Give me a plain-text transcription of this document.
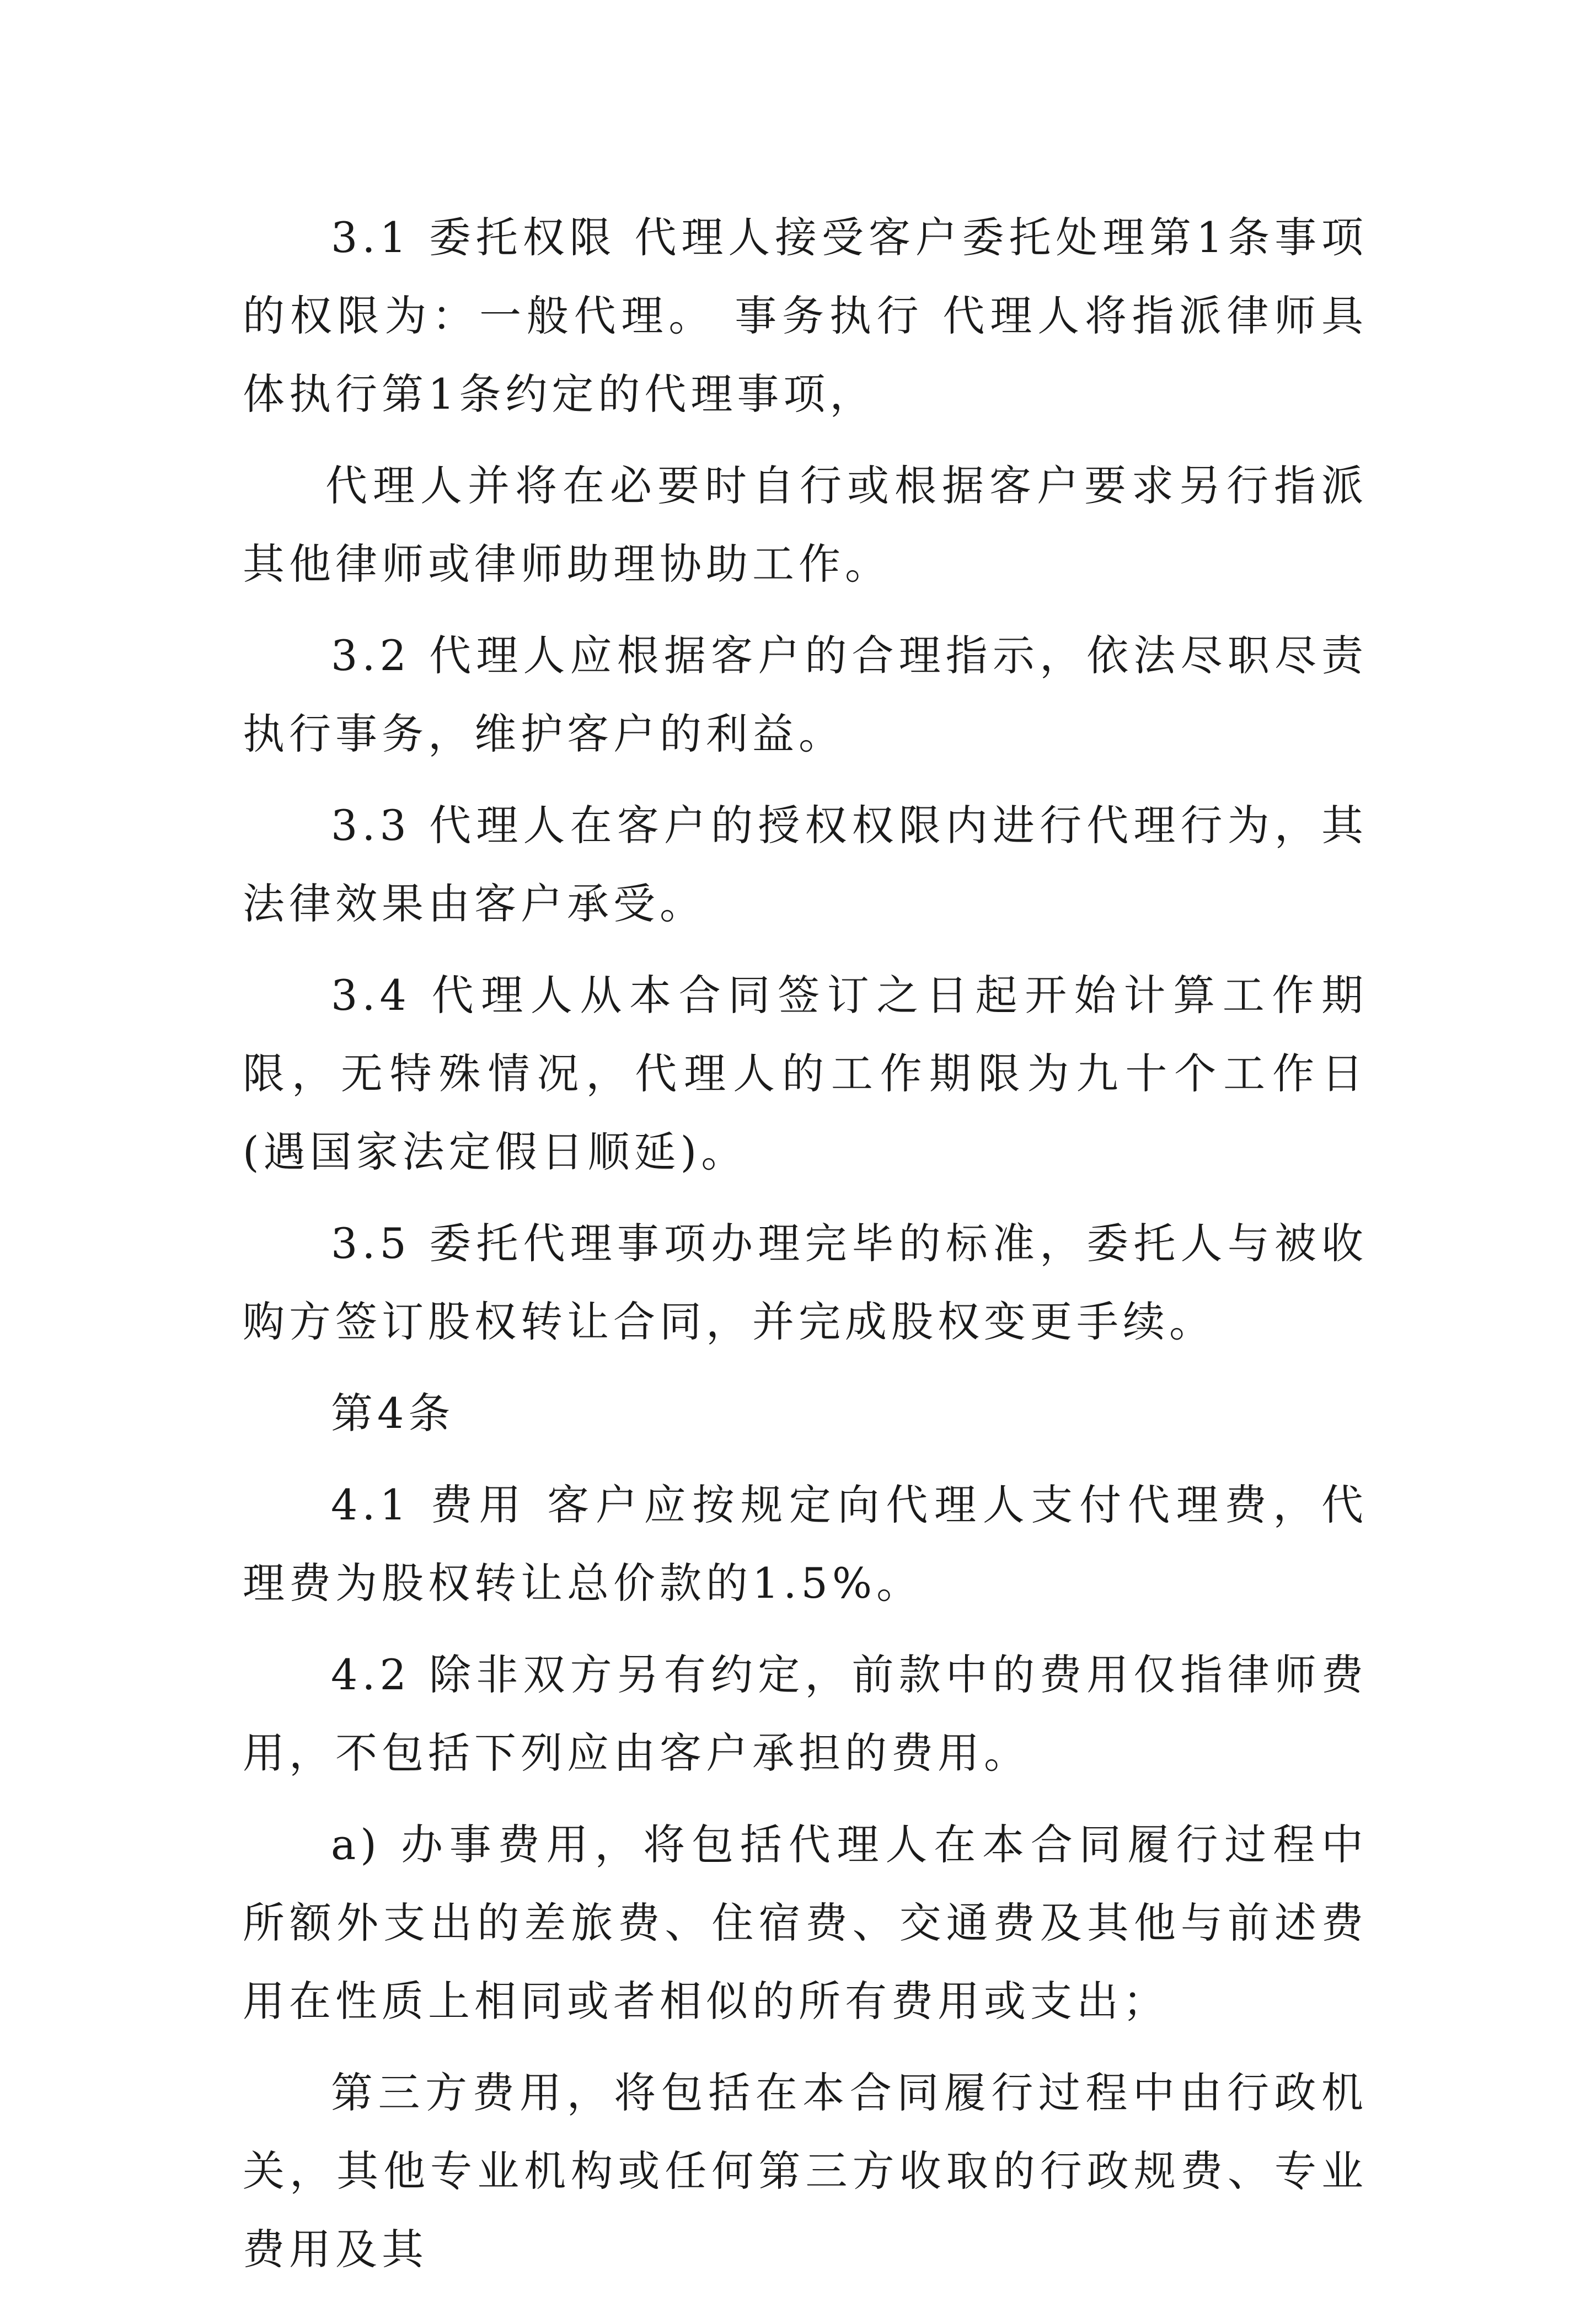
3.1 委托权限 代理人接受客户委托处理第1条事项的权限为：一般代理。 事务执行 代理人将指派律师具体执行第1条约定的代理事项，

代理人并将在必要时自行或根据客户要求另行指派其他律师或律师助理协助工作。

3.2 代理人应根据客户的合理指示，依法尽职尽责执行事务，维护客户的利益。

3.3 代理人在客户的授权权限内进行代理行为，其法律效果由客户承受。

3.4 代理人从本合同签订之日起开始计算工作期限，无特殊情况，代理人的工作期限为九十个工作日(遇国家法定假日顺延)。

3.5 委托代理事项办理完毕的标准，委托人与被收购方签订股权转让合同，并完成股权变更手续。

第4条

4.1 费用 客户应按规定向代理人支付代理费，代理费为股权转让总价款的1.5%。

4.2 除非双方另有约定，前款中的费用仅指律师费用，不包括下列应由客户承担的费用。

a) 办事费用，将包括代理人在本合同履行过程中所额外支出的差旅费、住宿费、交通费及其他与前述费用在性质上相同或者相似的所有费用或支出；

第三方费用，将包括在本合同履行过程中由行政机关，其他专业机构或任何第三方收取的行政规费、专业费用及其
